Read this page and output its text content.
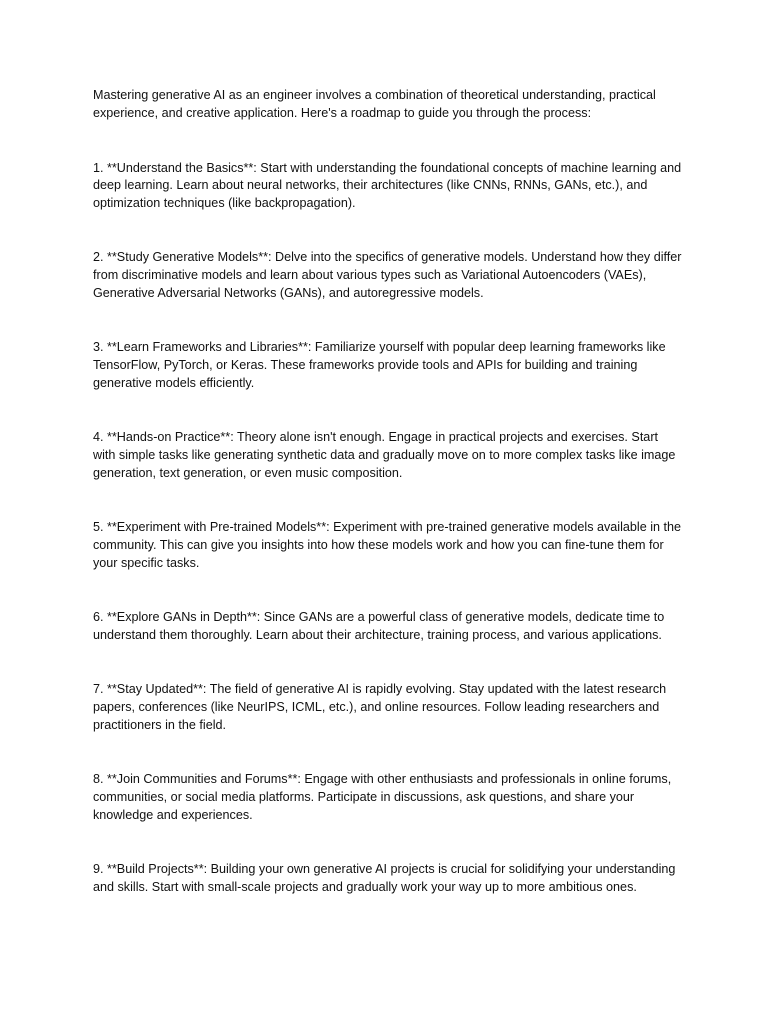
Mastering generative AI as an engineer involves a combination of theoretical understanding, practical experience, and creative application. Here's a roadmap to guide you through the process:

1. **Understand the Basics**: Start with understanding the foundational concepts of machine learning and deep learning. Learn about neural networks, their architectures (like CNNs, RNNs, GANs, etc.), and optimization techniques (like backpropagation).

2. **Study Generative Models**: Delve into the specifics of generative models. Understand how they differ from discriminative models and learn about various types such as Variational Autoencoders (VAEs), Generative Adversarial Networks (GANs), and autoregressive models.

3. **Learn Frameworks and Libraries**: Familiarize yourself with popular deep learning frameworks like TensorFlow, PyTorch, or Keras. These frameworks provide tools and APIs for building and training generative models efficiently.

4. **Hands-on Practice**: Theory alone isn't enough. Engage in practical projects and exercises. Start with simple tasks like generating synthetic data and gradually move on to more complex tasks like image generation, text generation, or even music composition.

5. **Experiment with Pre-trained Models**: Experiment with pre-trained generative models available in the community. This can give you insights into how these models work and how you can fine-tune them for your specific tasks.

6. **Explore GANs in Depth**: Since GANs are a powerful class of generative models, dedicate time to understand them thoroughly. Learn about their architecture, training process, and various applications.

7. **Stay Updated**: The field of generative AI is rapidly evolving. Stay updated with the latest research papers, conferences (like NeurIPS, ICML, etc.), and online resources. Follow leading researchers and practitioners in the field.

8. **Join Communities and Forums**: Engage with other enthusiasts and professionals in online forums, communities, or social media platforms. Participate in discussions, ask questions, and share your knowledge and experiences.

9. **Build Projects**: Building your own generative AI projects is crucial for solidifying your understanding and skills. Start with small-scale projects and gradually work your way up to more ambitious ones.
